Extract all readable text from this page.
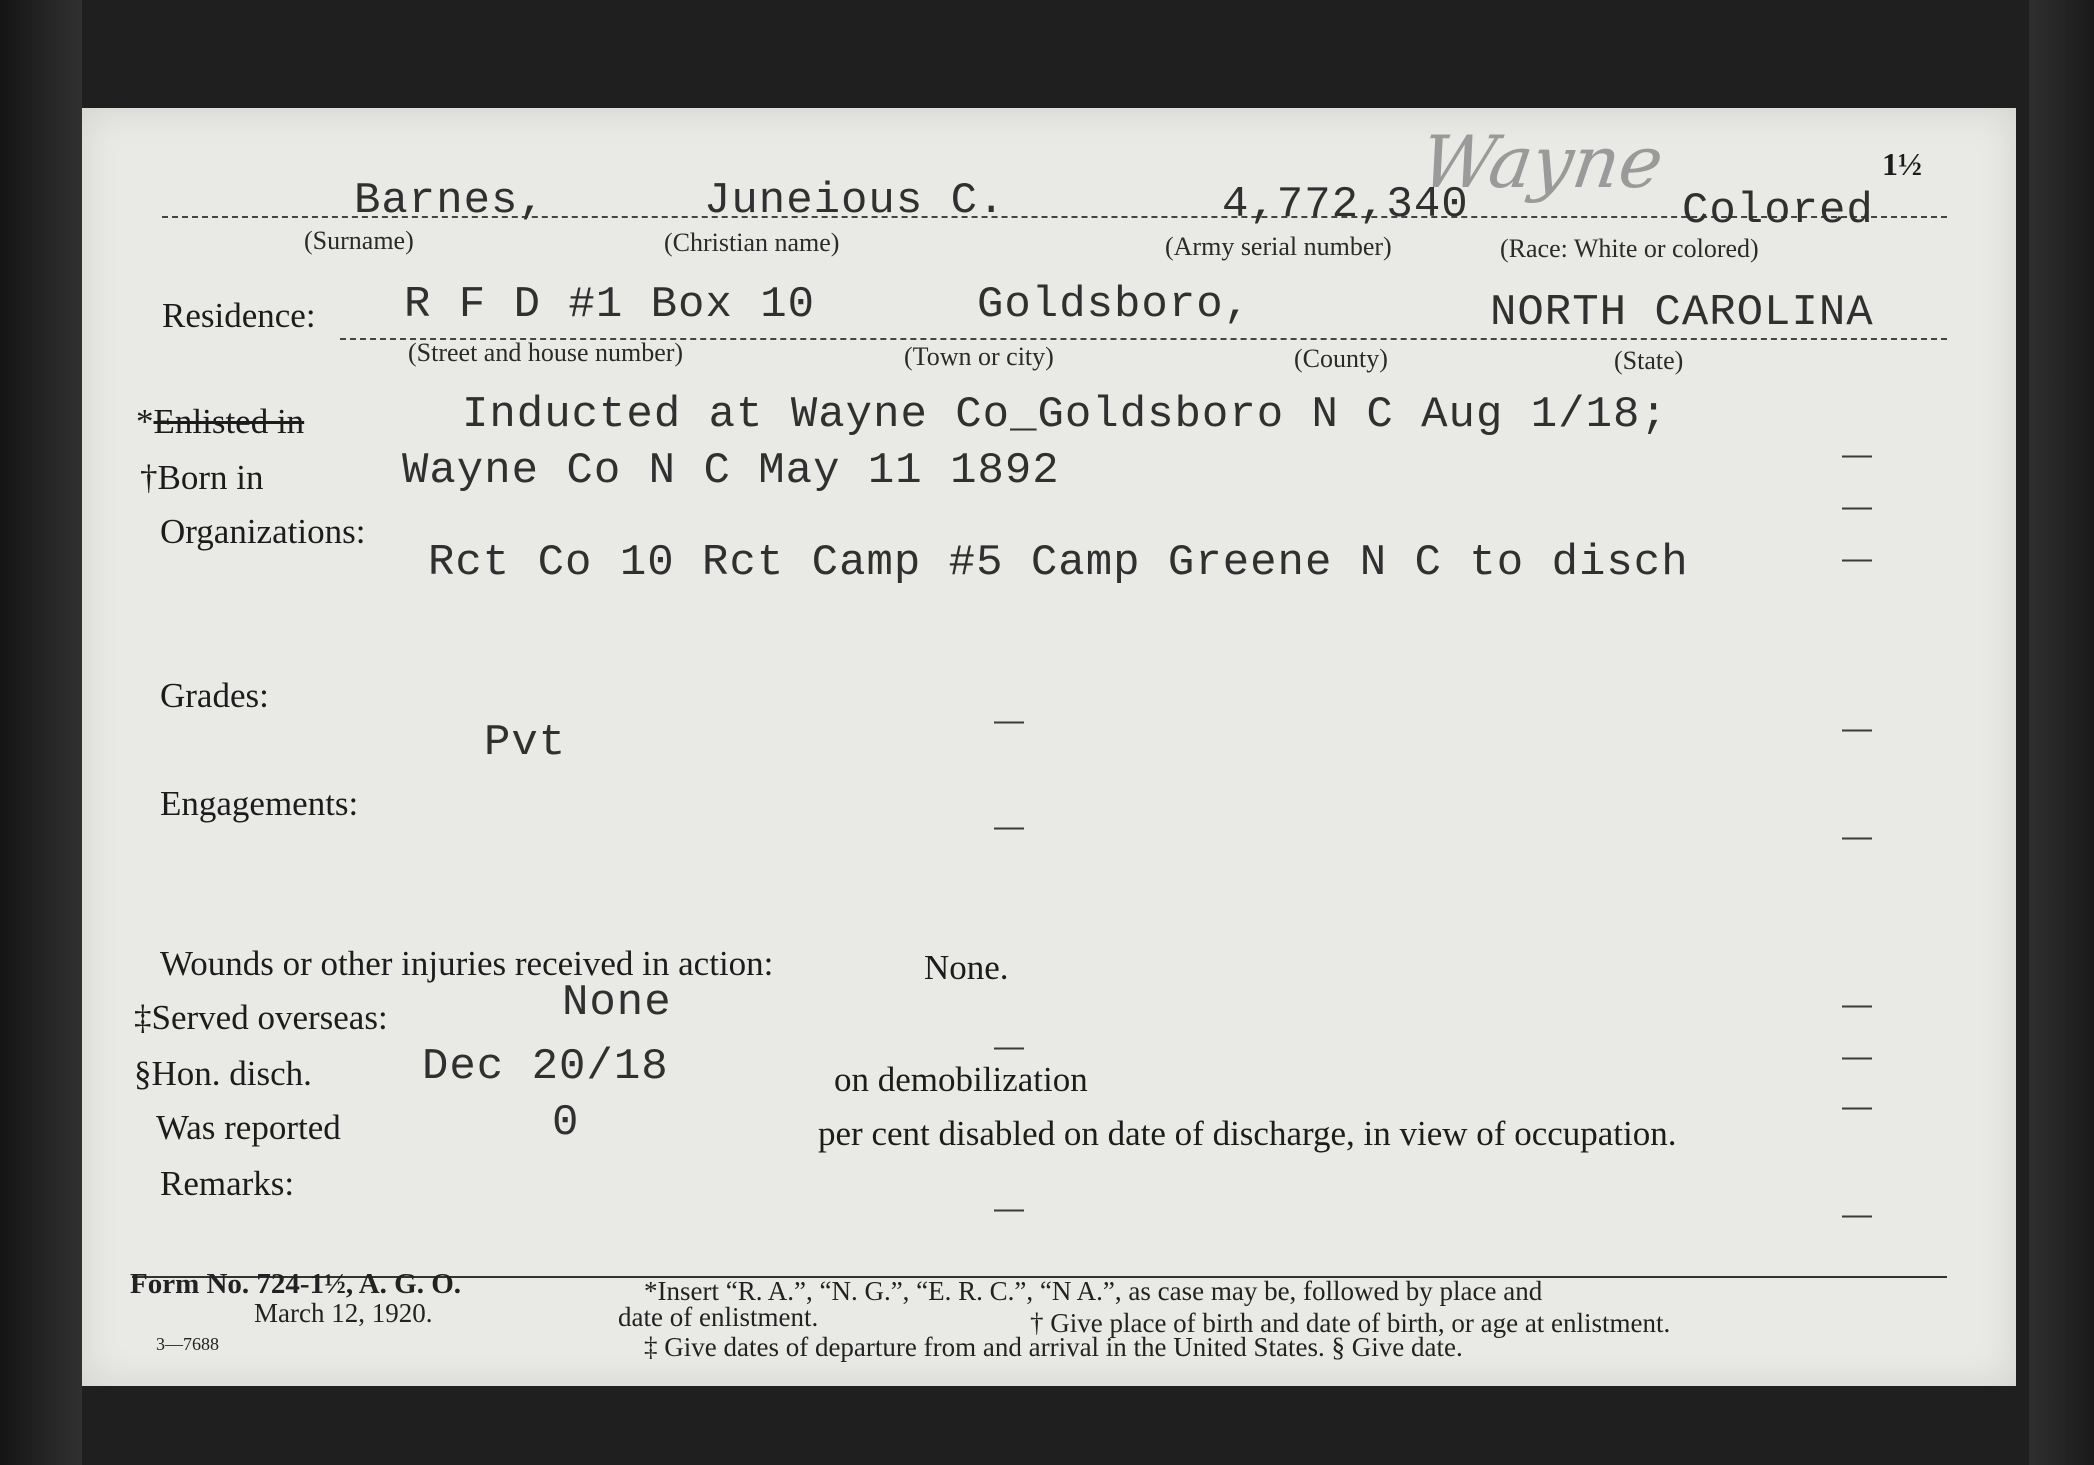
Wayne	1½
Barnes,	Juneious C.	4,772,340	Colored
(Surname)	(Christian name)	(Army serial number)	(Race: White or colored)
Residence: R F D #1 Box 10	Goldsboro,	NORTH CAROLINA
(Street and house number)	(Town or city)	(County)	(State)
*Enlisted in	Inducted at Wayne Co_Goldsboro N C Aug 1/18;
†Born in	Wayne Co N C May 11 1892
Organizations:
Rct Co 10 Rct Camp #5 Camp Greene N C to disch
Grades:
Pvt
Engagements:
Wounds or other injuries received in action:	None.
‡Served overseas:	None
§Hon. disch.	Dec 20/18	on demobilization
Was reported	0	per cent disabled on date of discharge, in view of occupation.
Remarks:
—
—
—
—
—
—
—
—
—
—
—
—
—
Form No. 724-1½, A. G. O.
March 12, 1920.
3—7688
*Insert “R. A.”, “N. G.”, “E. R. C.”, “N A.”, as case may be, followed by place and
date of enlistment.	† Give place of birth and date of birth, or age at enlistment.
‡ Give dates of departure from and arrival in the United States. § Give date.
